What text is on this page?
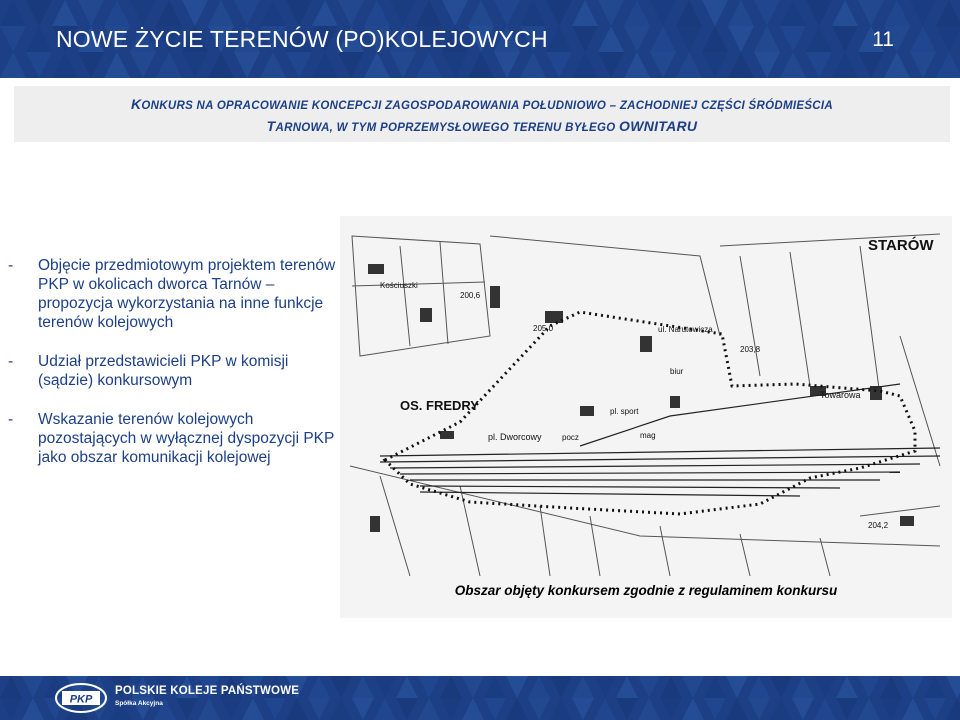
NOWE ŻYCIE TERENÓW (PO)KOLEJOWYCH	11
KONKURS NA OPRACOWANIE KONCEPCJI ZAGOSPODAROWANIA POŁUDNIOWO – ZACHODNIEJ CZĘŚCI ŚRÓDMIEŚCIA
TARNOWA, W TYM POPRZEMYSŁOWEGO TERENU BYŁEGO OWNITARU
- Objęcie przedmiotowym projektem terenów PKP w okolicach dworca Tarnów – propozycja wykorzystania na inne funkcje terenów kolejowych
- Udział przedstawicieli PKP w komisji (sądzie) konkursowym
- Wskazanie terenów kolejowych pozostających w wyłącznej dyspozycji PKP jako obszar komunikacji kolejowej
STARÓW
OS. FREDRY
pl. Dworcowy
Kościuszki
ul. Narutowicza
Towarowa
205,0
200,6
203,8
204,2
biur
mag
pocz
pl. sport
Obszar objęty konkursem zgodnie z regulaminem konkursu
PKP
POLSKIE KOLEJE PAŃSTWOWE
Spółka Akcyjna
